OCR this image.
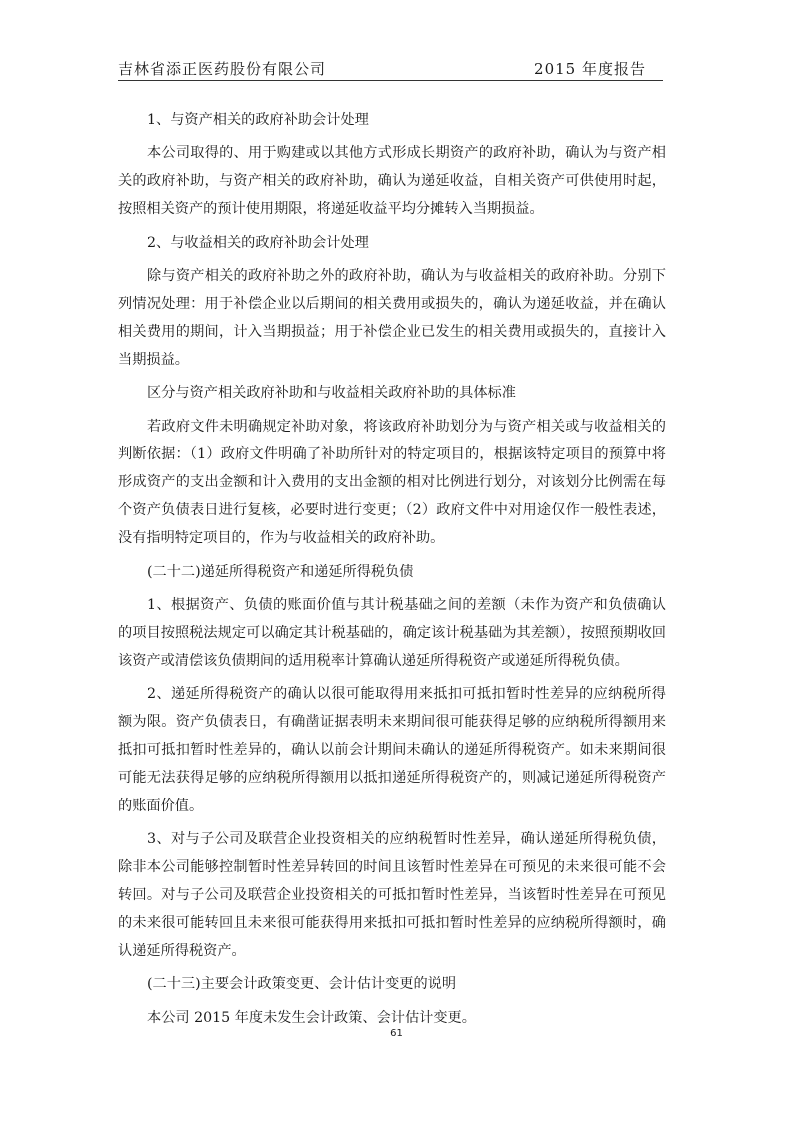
吉林省添正医药股份有限公司	2015 年度报告

1、与资产相关的政府补助会计处理

本公司取得的、用于购建或以其他方式形成长期资产的政府补助，确认为与资产相关的政府补助，与资产相关的政府补助，确认为递延收益，自相关资产可供使用时起，按照相关资产的预计使用期限，将递延收益平均分摊转入当期损益。

2、与收益相关的政府补助会计处理

除与资产相关的政府补助之外的政府补助，确认为与收益相关的政府补助。分别下列情况处理：用于补偿企业以后期间的相关费用或损失的，确认为递延收益，并在确认相关费用的期间，计入当期损益；用于补偿企业已发生的相关费用或损失的，直接计入当期损益。

区分与资产相关政府补助和与收益相关政府补助的具体标准

若政府文件未明确规定补助对象，将该政府补助划分为与资产相关或与收益相关的判断依据：（1）政府文件明确了补助所针对的特定项目的，根据该特定项目的预算中将形成资产的支出金额和计入费用的支出金额的相对比例进行划分，对该划分比例需在每个资产负债表日进行复核，必要时进行变更；（2）政府文件中对用途仅作一般性表述，没有指明特定项目的，作为与收益相关的政府补助。

(二十二)递延所得税资产和递延所得税负债

1、根据资产、负债的账面价值与其计税基础之间的差额（未作为资产和负债确认的项目按照税法规定可以确定其计税基础的，确定该计税基础为其差额），按照预期收回该资产或清偿该负债期间的适用税率计算确认递延所得税资产或递延所得税负债。

2、递延所得税资产的确认以很可能取得用来抵扣可抵扣暂时性差异的应纳税所得额为限。资产负债表日，有确凿证据表明未来期间很可能获得足够的应纳税所得额用来抵扣可抵扣暂时性差异的，确认以前会计期间未确认的递延所得税资产。如未来期间很可能无法获得足够的应纳税所得额用以抵扣递延所得税资产的，则减记递延所得税资产的账面价值。

3、对与子公司及联营企业投资相关的应纳税暂时性差异，确认递延所得税负债，除非本公司能够控制暂时性差异转回的时间且该暂时性差异在可预见的未来很可能不会转回。对与子公司及联营企业投资相关的可抵扣暂时性差异，当该暂时性差异在可预见的未来很可能转回且未来很可能获得用来抵扣可抵扣暂时性差异的应纳税所得额时，确认递延所得税资产。

(二十三)主要会计政策变更、会计估计变更的说明

本公司 2015 年度未发生会计政策、会计估计变更。

61
